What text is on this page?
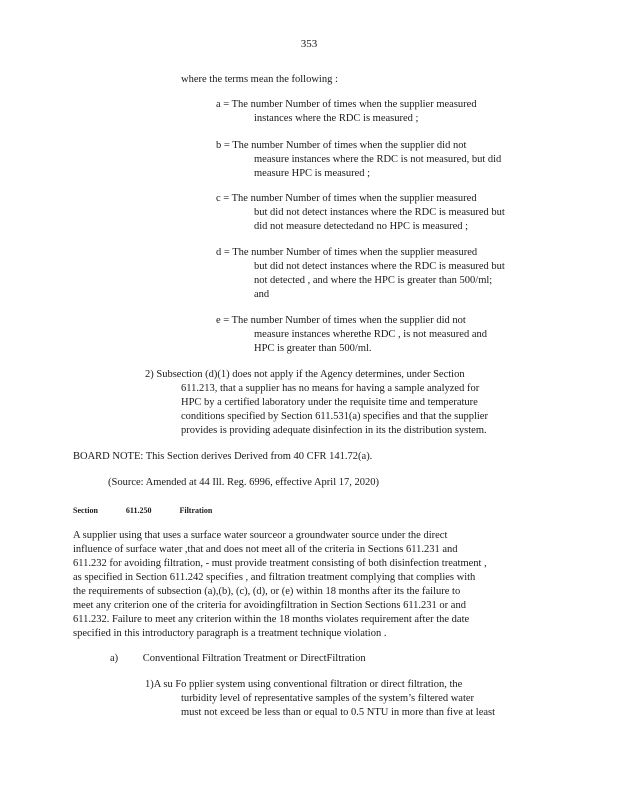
353
where the terms mean the following :
a = The number Number of times when the supplier measured
instances where the RDC is measured ;
b = The number Number of times when the supplier did not
measure instances where the RDC is not measured, but did
measure HPC is measured ;
c = The number Number of times when the supplier measured
but did not detect instances where the RDC is measured but
did not measure detectedand no HPC is measured ;
d = The number Number of times when the supplier measured
but did not detect instances where the RDC is measured but
not detected , and where the HPC is greater than 500/ml;
and
e = The number Number of times when the supplier did not
measure instances wherethe RDC , is not measured and
HPC is greater than 500/ml.
2) Subsection (d)(1) does not apply if the Agency determines, under Section
611.213, that a supplier has no means for having a sample analyzed for
HPC by a certified laboratory under the requisite time and temperature
conditions specified by Section 611.531(a) specifies and that the supplier
provides is providing adequate disinfection in its the distribution system.
BOARD NOTE: This Section derives Derived from 40 CFR 141.72(a).
(Source: Amended at 44 Ill. Reg. 6996, effective April 17, 2020)
Section	611.250	Filtration
A supplier using that uses a surface water sourceor a groundwater source under the direct
influence of surface water ,that and does not meet all of the criteria in Sections 611.231 and
611.232 for avoiding filtration, - must provide treatment consisting of both disinfection treatment ,
as specified in Section 611.242 specifies , and filtration treatment complying that complies with
the requirements of subsection (a),(b), (c), (d), or (e) within 18 months after its the failure to
meet any criterion one of the criteria for avoidingfiltration in Section Sections 611.231 or and
611.232. Failure to meet any criterion within the 18 months violates requirement after the date
specified in this introductory paragraph is a treatment technique violation .
a) Conventional Filtration Treatment or DirectFiltration
1)A su Fo pplier system using conventional filtration or direct filtration, the
turbidity level of representative samples of the system’s filtered water
must not exceed be less than or equal to 0.5 NTU in more than five at least
